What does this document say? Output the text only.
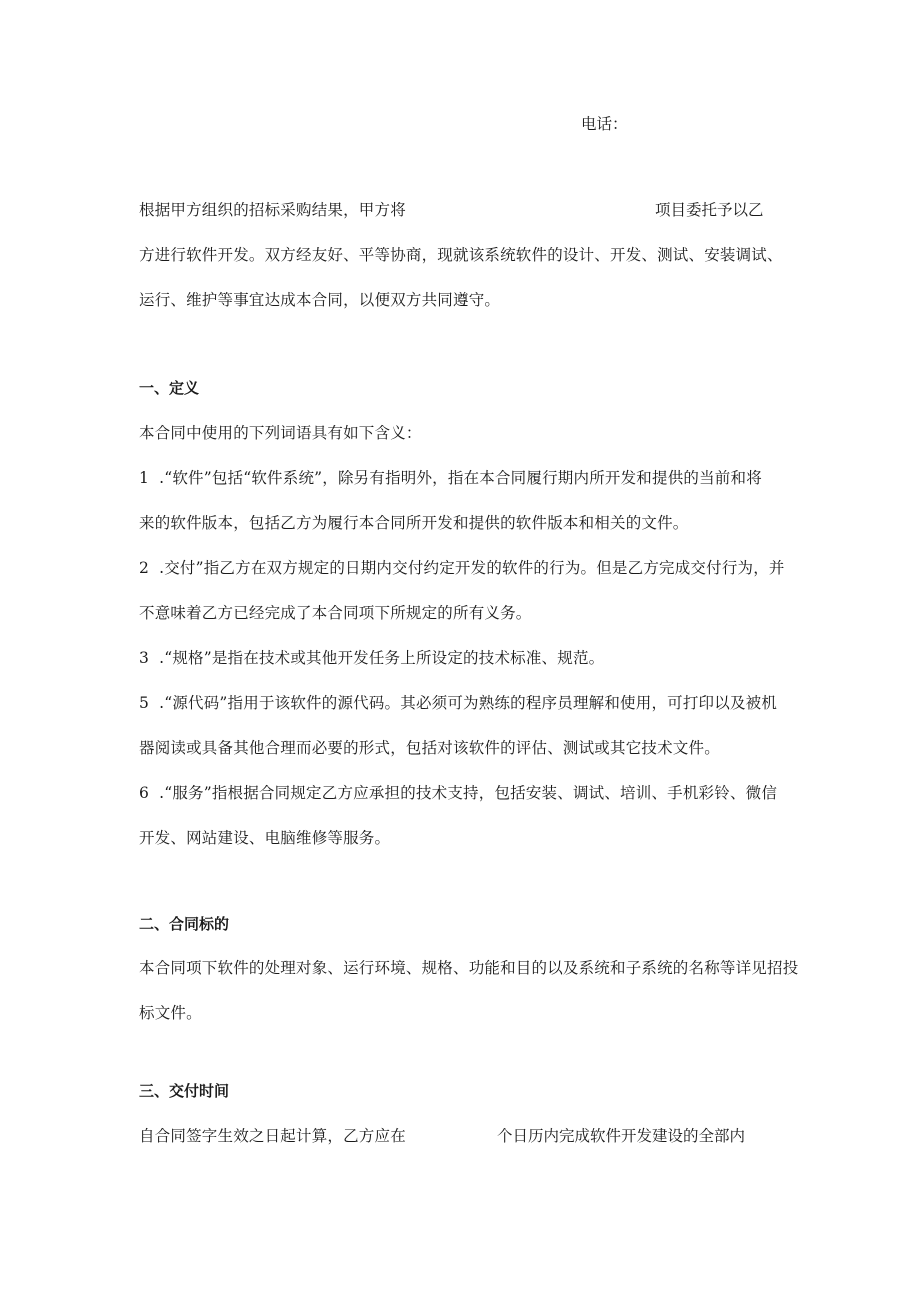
电话：

根据甲方组织的招标采购结果，甲方将	项目委托予以乙

方进行软件开发。双方经友好、平等协商，现就该系统软件的设计、开发、测试、安装调试、

运行、维护等事宜达成本合同，以便双方共同遵守。

一、定义

本合同中使用的下列词语具有如下含义：

1 .“软件”包括“软件系统”，除另有指明外，指在本合同履行期内所开发和提供的当前和将

来的软件版本，包括乙方为履行本合同所开发和提供的软件版本和相关的文件。

2 .交付”指乙方在双方规定的日期内交付约定开发的软件的行为。但是乙方完成交付行为，并

不意味着乙方已经完成了本合同项下所规定的所有义务。

3 .“规格”是指在技术或其他开发任务上所设定的技术标准、规范。

5 .“源代码”指用于该软件的源代码。其必须可为熟练的程序员理解和使用，可打印以及被机

器阅读或具备其他合理而必要的形式，包括对该软件的评估、测试或其它技术文件。

6 .“服务”指根据合同规定乙方应承担的技术支持，包括安装、调试、培训、手机彩铃、微信

开发、网站建设、电脑维修等服务。

二、合同标的

本合同项下软件的处理对象、运行环境、规格、功能和目的以及系统和子系统的名称等详见招投

标文件。

三、交付时间

自合同签字生效之日起计算，乙方应在	个日历内完成软件开发建设的全部内
